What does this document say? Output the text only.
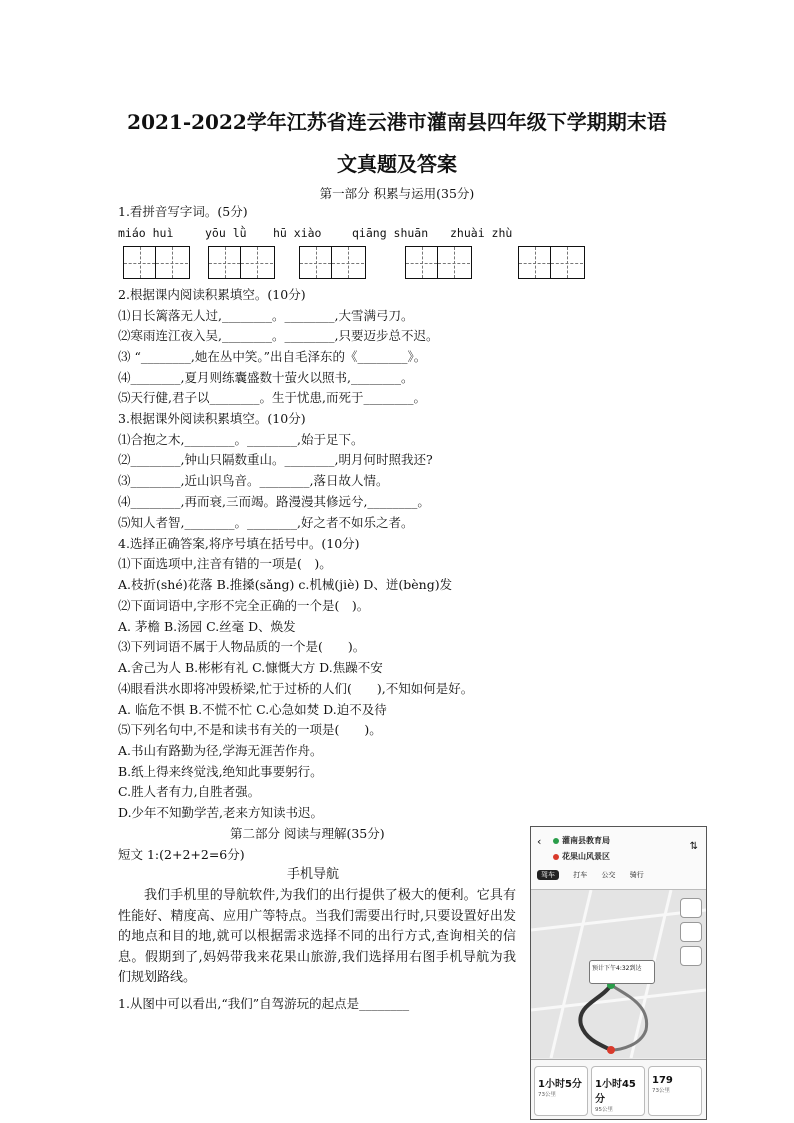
2021-2022学年江苏省连云港市灌南县四年级下学期期末语
文真题及答案
第一部分 积累与运用(35分)
1.看拼音写字词。(5分)
miáo huì	yōu lǜ hū xiào	qiāng shuān zhuài zhù
2.根据课内阅读积累填空。(10分)
⑴日长篱落无人过,________。________,大雪满弓刀。
⑵寒雨连江夜入吴,________。________,只要迈步总不迟。
⑶ “________,她在丛中笑。”出自毛泽东的《________》。
⑷________,夏月则练囊盛数十萤火以照书,________。
⑸天行健,君子以________。生于忧患,而死于________。
3.根据课外阅读积累填空。(10分)
⑴合抱之木,________。________,始于足下。
⑵________,钟山只隔数重山。________,明月何时照我还?
⑶________,近山识鸟音。________,落日故人情。
⑷________,再而衰,三而竭。路漫漫其修远兮,________。
⑸知人者智,________。________,好之者不如乐之者。
4.选择正确答案,将序号填在括号中。(10分)
⑴下面选项中,注音有错的一项是(　)。
A.枝折(shé)花落 B.推搡(sǎng) c.机械(jiè) D、迸(bèng)发
⑵下面词语中,字形不完全正确的一个是(　)。
A. 茅檐 B.汤园 C.丝毫 D、焕发
⑶下列词语不属于人物品质的一个是(　　)。
A.舍己为人 B.彬彬有礼 C.慷慨大方 D.焦躁不安
⑷眼看洪水即将冲毁桥梁,忙于过桥的人们(　　),不知如何是好。
A. 临危不惧 B.不慌不忙 C.心急如焚 D.迫不及待
⑸下列名句中,不是和读书有关的一项是(　　)。
A.书山有路勤为径,学海无涯苦作舟。
B.纸上得来终觉浅,绝知此事要躬行。
C.胜人者有力,自胜者强。
D.少年不知勤学苦,老来方知读书迟。
第二部分 阅读与理解(35分)
短文 1:(2+2+2=6分)
手机导航
我们手机里的导航软件,为我们的出行提供了极大的便利。它具有性能好、精度高、应用广等特点。当我们需要出行时,只要设置好出发的地点和目的地,就可以根据需求选择不同的出行方式,查询相关的信息。假期到了,妈妈带我来花果山旅游,我们选择用右图手机导航为我们规划路线。
1.从图中可以看出,“我们”自驾游玩的起点是________
‹	灌南县教育局
花果山风景区
⇅
驾车	打车 公交 骑行
预计下午4:32到达
1小时5分
73公里
1小时45分
95公里
179
73公里
